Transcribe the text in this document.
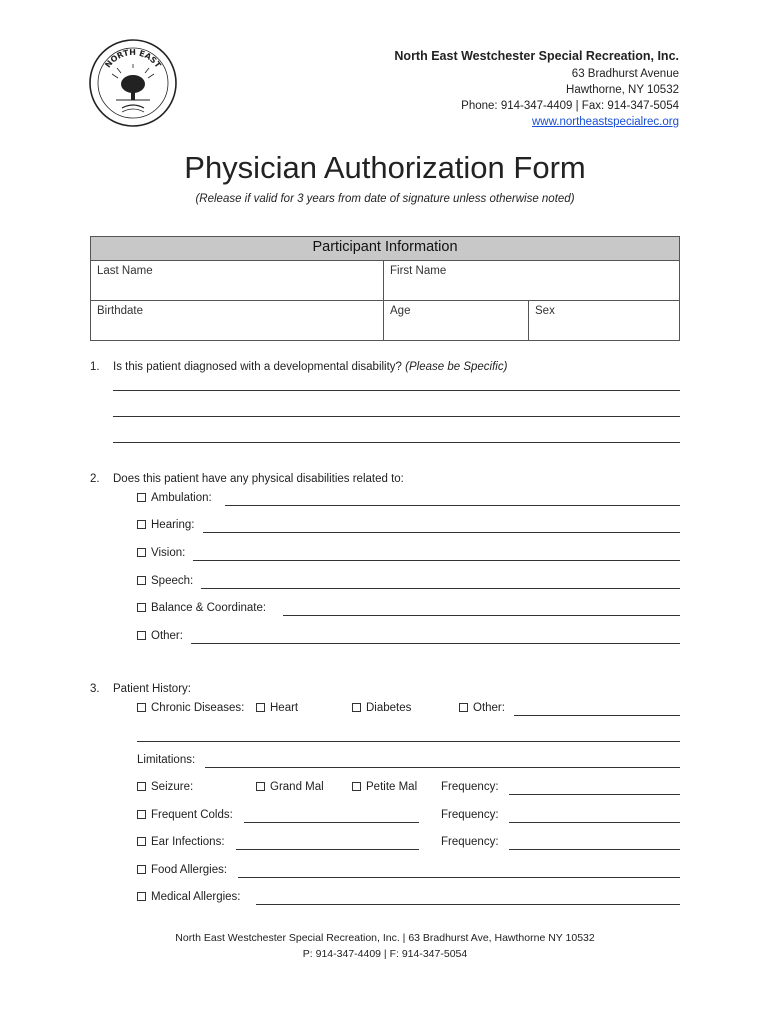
NORTH EAST
North East Westchester Special Recreation, Inc.
63 Bradhurst Avenue
Hawthorne, NY 10532
Phone: 914-347-4409 | Fax: 914-347-5054
www.northeastspecialrec.org
Physician Authorization Form
(Release if valid for 3 years from date of signature unless otherwise noted)
Participant Information		
Last Name	First Name	
Birthdate	Age	Sex
1. Is this patient diagnosed with a developmental disability? (Please be Specific)
2. Does this patient have any physical disabilities related to:
Ambulation:
Hearing:
Vision:
Speech:
Balance & Coordinate:
Other:
3. Patient History:
Chronic Diseases:	Heart	Diabetes	Other:
Limitations:
Seizure:	Grand Mal	Petite Mal Frequency:
Frequent Colds:	Frequency:
Ear Infections:	Frequency:
Food Allergies:
Medical Allergies:
North East Westchester Special Recreation, Inc. | 63 Bradhurst Ave, Hawthorne NY 10532
P: 914-347-4409 | F: 914-347-5054
